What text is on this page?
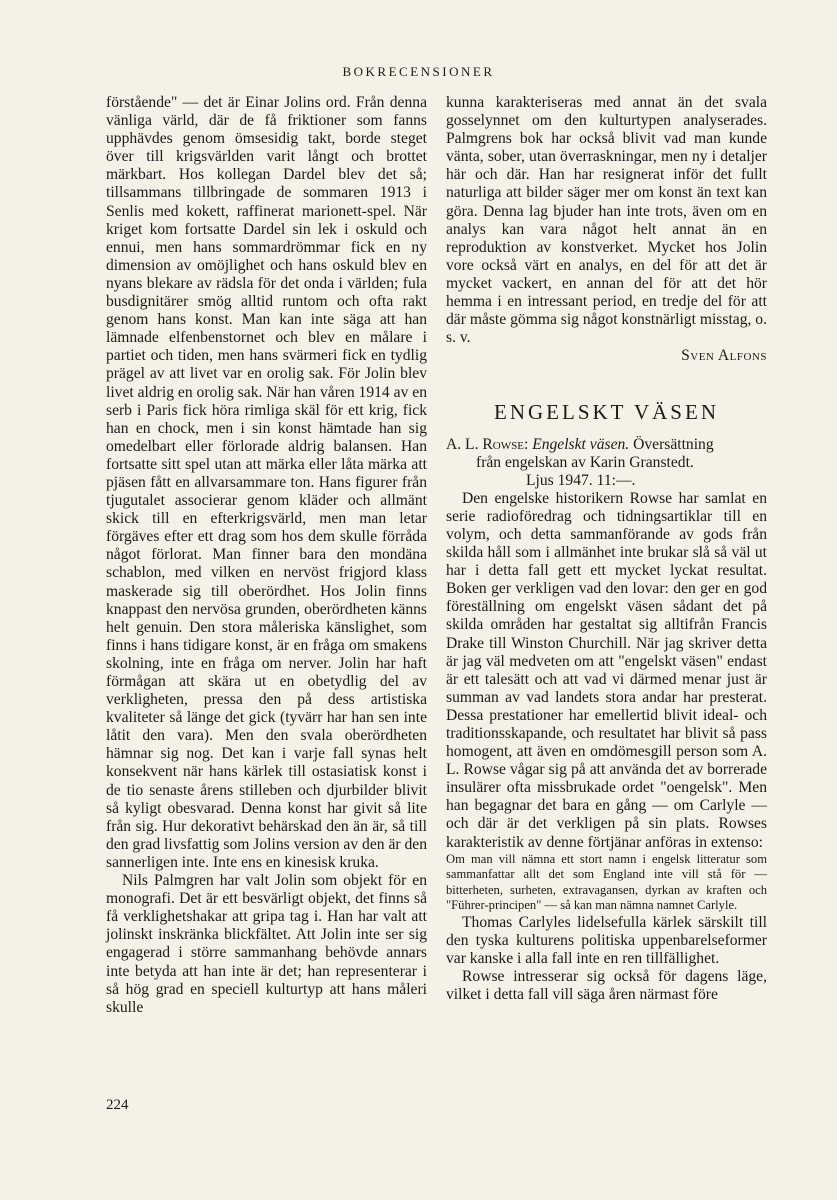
BOKRECENSIONER

förstående" — det är Einar Jolins ord. Från denna vänliga värld, där de få friktioner som fanns upphävdes genom ömsesidig takt, borde steget över till krigsvärlden varit långt och brottet märkbart. Hos kollegan Dardel blev det så; tillsammans tillbringade de sommaren 1913 i Senlis med kokett, raffinerat marionett-spel. När kriget kom fortsatte Dardel sin lek i oskuld och ennui, men hans sommardrömmar fick en ny dimension av omöjlighet och hans oskuld blev en nyans blekare av rädsla för det onda i världen; fula busdignitärer smög alltid runtom och ofta rakt genom hans konst. Man kan inte säga att han lämnade elfenbenstornet och blev en målare i partiet och tiden, men hans svärmeri fick en tydlig prägel av att livet var en orolig sak. För Jolin blev livet aldrig en orolig sak. När han våren 1914 av en serb i Paris fick höra rimliga skäl för ett krig, fick han en chock, men i sin konst hämtade han sig omedelbart eller förlorade aldrig balansen. Han fortsatte sitt spel utan att märka eller låta märka att pjäsen fått en allvarsammare ton. Hans figurer från tjugutalet associerar genom kläder och allmänt skick till en efterkrigsvärld, men man letar förgäves efter ett drag som hos dem skulle förråda något förlorat. Man finner bara den mondäna schablon, med vilken en nervöst frigjord klass maskerade sig till oberördhet. Hos Jolin finns knappast den nervösa grunden, oberördheten känns helt genuin. Den stora måleriska känslighet, som finns i hans tidigare konst, är en fråga om smakens skolning, inte en fråga om nerver. Jolin har haft förmågan att skära ut en obetydlig del av verkligheten, pressa den på dess artistiska kvaliteter så länge det gick (tyvärr har han sen inte låtit den vara). Men den svala oberördheten hämnar sig nog. Det kan i varje fall synas helt konsekvent när hans kärlek till ostasiatisk konst i de tio senaste årens stilleben och djurbilder blivit så kyligt obesvarad. Denna konst har givit så lite från sig. Hur dekorativt behärskad den än är, så till den grad livsfattig som Jolins version av den är den sannerligen inte. Inte ens en kinesisk kruka.

Nils Palmgren har valt Jolin som objekt för en monografi. Det är ett besvärligt objekt, det finns så få verklighetshakar att gripa tag i. Han har valt att jolinskt inskränka blickfältet. Att Jolin inte ser sig engagerad i större sammanhang behövde annars inte betyda att han inte är det; han representerar i så hög grad en speciell kulturtyp att hans måleri skulle

kunna karakteriseras med annat än det svala gosselynnet om den kulturtypen analyserades. Palmgrens bok har också blivit vad man kunde vänta, sober, utan överraskningar, men ny i detaljer här och där. Han har resignerat inför det fullt naturliga att bilder säger mer om konst än text kan göra. Denna lag bjuder han inte trots, även om en analys kan vara något helt annat än en reproduktion av konstverket. Mycket hos Jolin vore också värt en analys, en del för att det är mycket vackert, en annan del för att det hör hemma i en intressant period, en tredje del för att där måste gömma sig något konstnärligt misstag, o. s. v.

Sven Alfons

ENGELSKT VÄSEN

A. L. Rowse: Engelskt väsen. Översättning
från engelskan av Karin Granstedt.
Ljus 1947. 11:—.

Den engelske historikern Rowse har samlat en serie radioföredrag och tidningsartiklar till en volym, och detta sammanförande av gods från skilda håll som i allmänhet inte brukar slå så väl ut har i detta fall gett ett mycket lyckat resultat. Boken ger verkligen vad den lovar: den ger en god föreställning om engelskt väsen sådant det på skilda områden har gestaltat sig alltifrån Francis Drake till Winston Churchill. När jag skriver detta är jag väl medveten om att "engelskt väsen" endast är ett talesätt och att vad vi därmed menar just är summan av vad landets stora andar har presterat. Dessa prestationer har emellertid blivit ideal- och traditionsskapande, och resultatet har blivit så pass homogent, att även en omdömesgill person som A. L. Rowse vågar sig på att använda det av borrerade insulärer ofta missbrukade ordet "oengelsk". Men han begagnar det bara en gång — om Carlyle — och där är det verkligen på sin plats. Rowses karakteristik av denne förtjänar anföras in extenso:

Om man vill nämna ett stort namn i engelsk litteratur som sammanfattar allt det som England inte vill stå för — bitterheten, surheten, extravagansen, dyrkan av kraften och "Führer-principen" — så kan man nämna namnet Carlyle.

Thomas Carlyles lidelsefulla kärlek särskilt till den tyska kulturens politiska uppenbarelseformer var kanske i alla fall inte en ren tillfällighet.

Rowse intresserar sig också för dagens läge, vilket i detta fall vill säga åren närmast före

224
